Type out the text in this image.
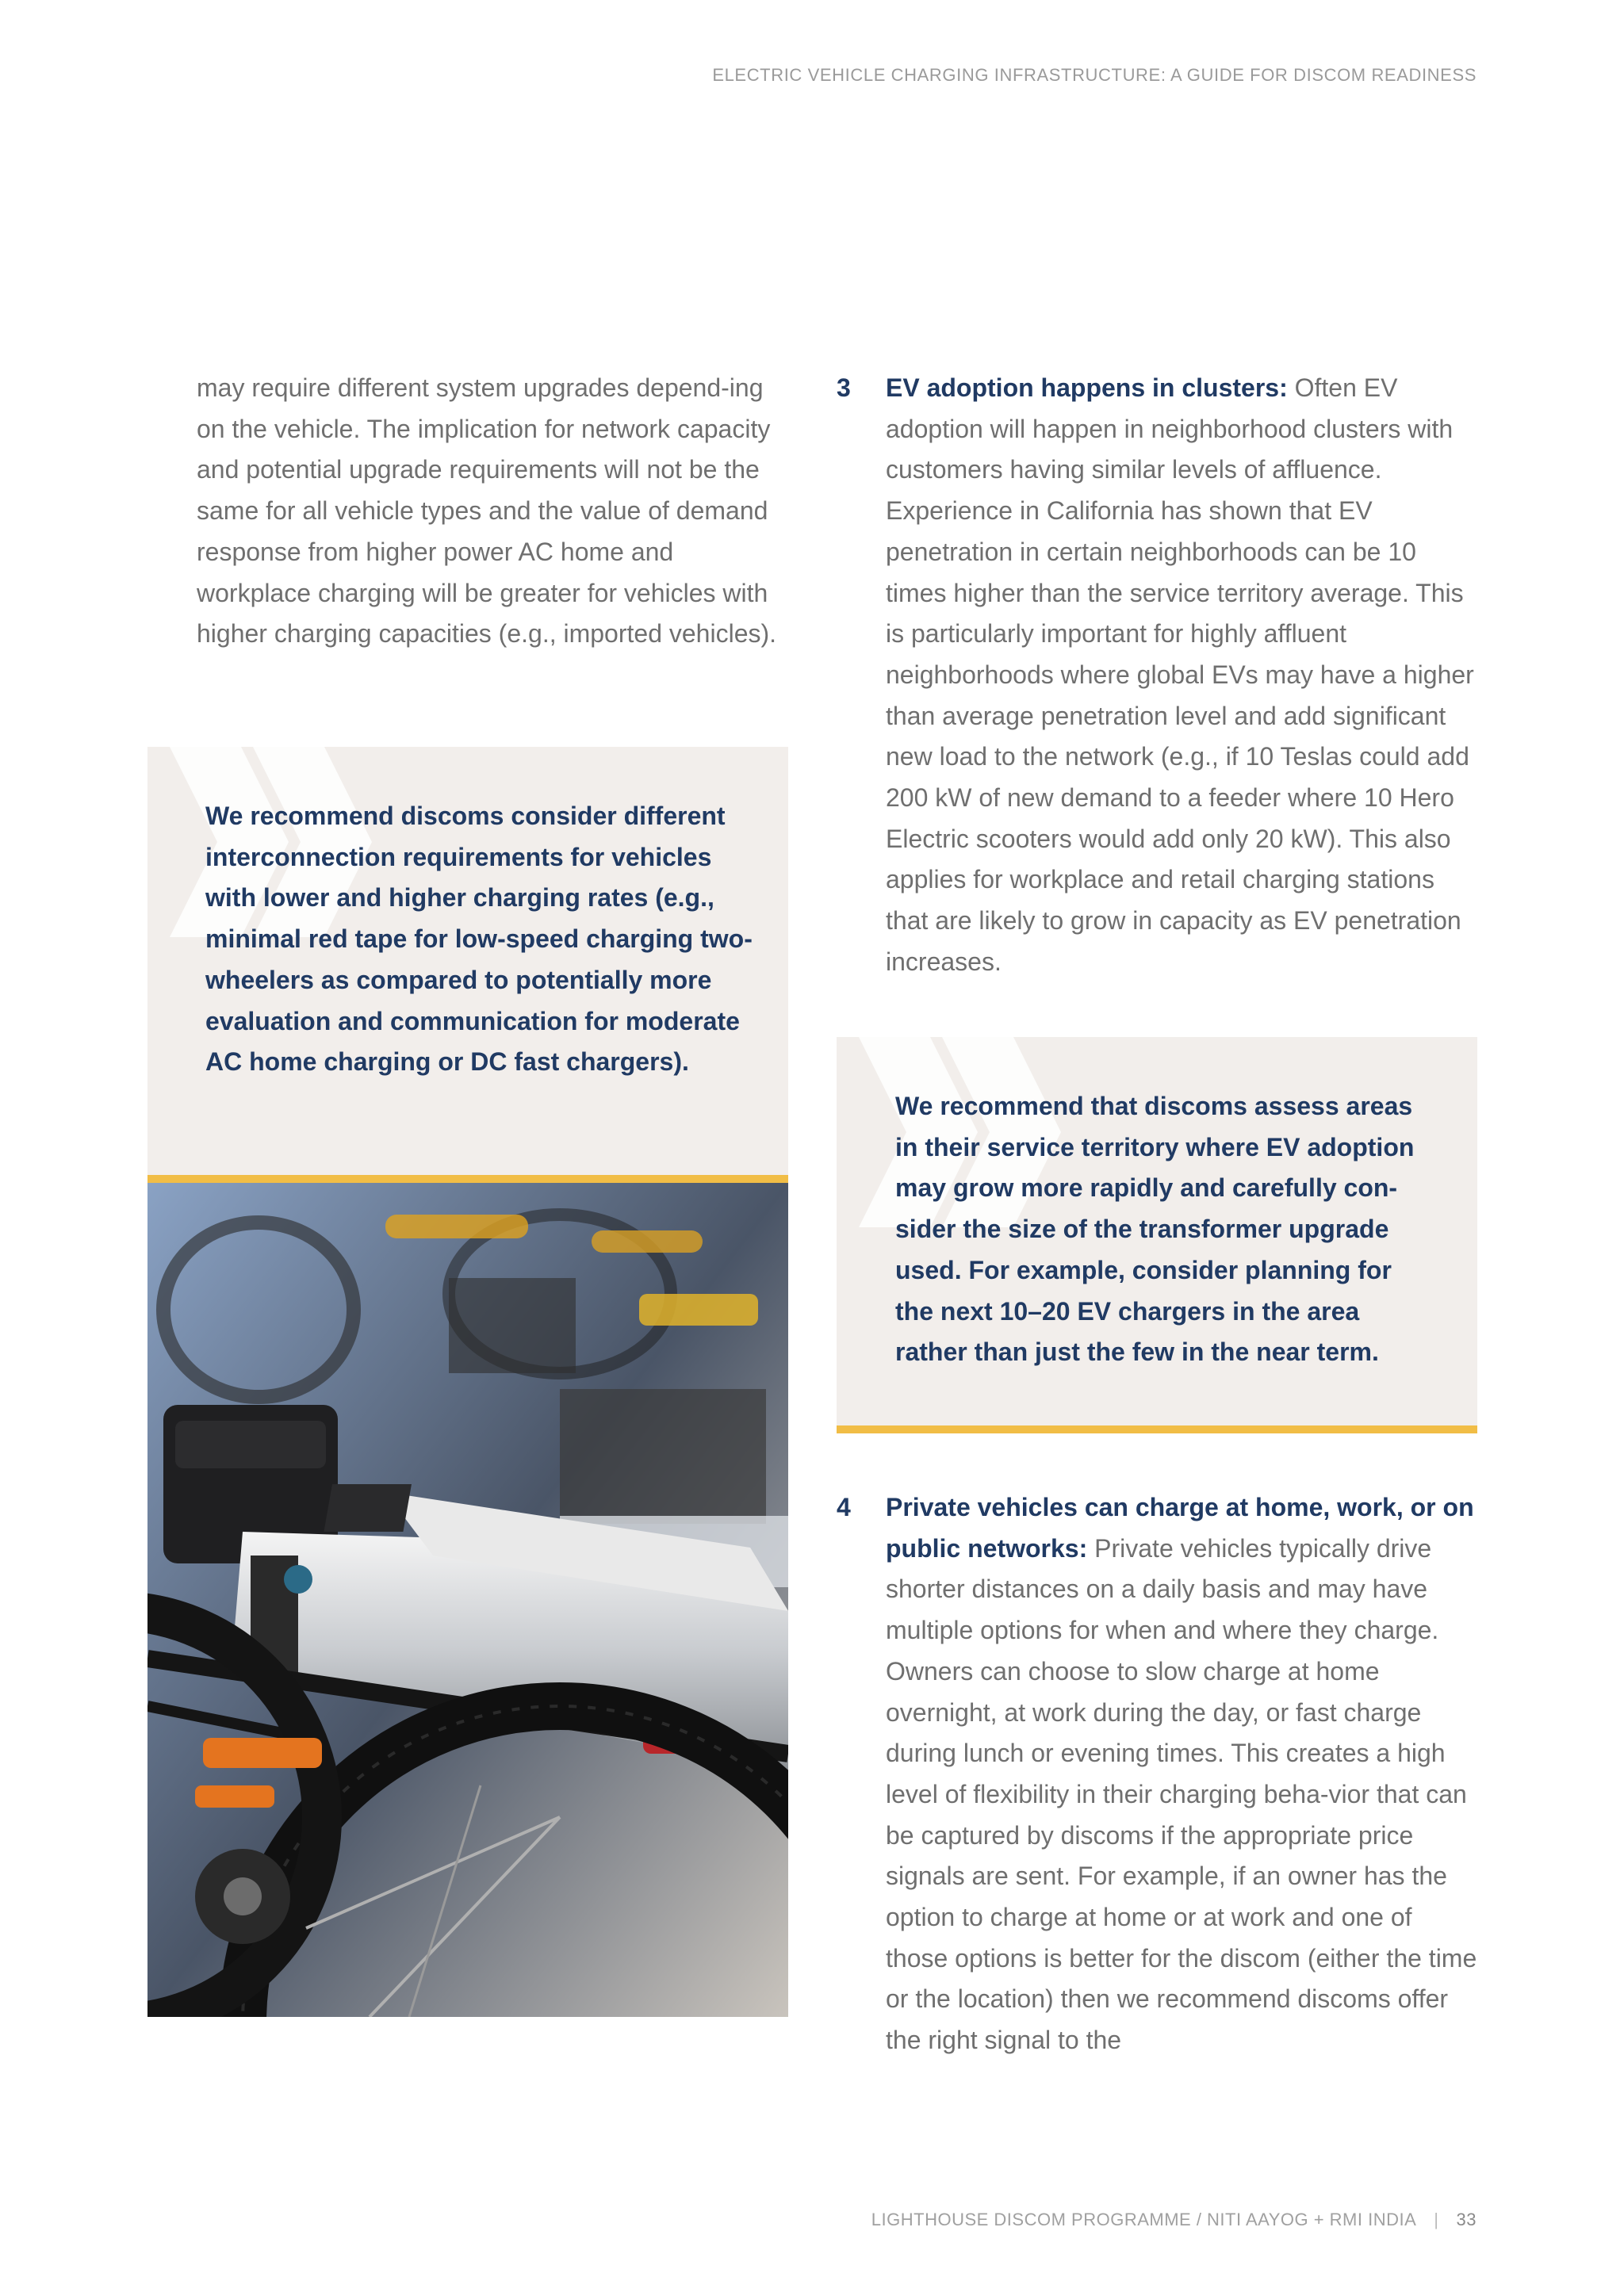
ELECTRIC VEHICLE CHARGING INFRASTRUCTURE: A GUIDE FOR DISCOM READINESS
may require different system upgrades depend-ing on the vehicle. The implication for network capacity and potential upgrade requirements will not be the same for all vehicle types and the value of demand response from higher power AC home and workplace charging will be greater for vehicles with higher charging capacities (e.g., imported vehicles).
We recommend discoms consider different interconnection requirements for vehicles with lower and higher charging rates (e.g., minimal red tape for low-speed charging two-wheelers as compared to potentially more evaluation and communication for moderate AC home charging or DC fast chargers).
3 EV adoption happens in clusters: Often EV adoption will happen in neighborhood clusters with customers having similar levels of affluence. Experience in California has shown that EV penetration in certain neighborhoods can be 10 times higher than the service territory average. This is particularly important for highly affluent neighborhoods where global EVs may have a higher than average penetration level and add significant new load to the network (e.g., if 10 Teslas could add 200 kW of new demand to a feeder where 10 Hero Electric scooters would add only 20 kW). This also applies for workplace and retail charging stations that are likely to grow in capacity as EV penetration increases.
We recommend that discoms assess areas in their service territory where EV adoption may grow more rapidly and carefully con-sider the size of the transformer upgrade used. For example, consider planning for the next 10–20 EV chargers in the area rather than just the few in the near term.
4 Private vehicles can charge at home, work, or on public networks: Private vehicles typically drive shorter distances on a daily basis and may have multiple options for when and where they charge. Owners can choose to slow charge at home overnight, at work during the day, or fast charge during lunch or evening times. This creates a high level of flexibility in their charging beha-vior that can be captured by discoms if the appropriate price signals are sent. For example, if an owner has the option to charge at home or at work and one of those options is better for the discom (either the time or the location) then we recommend discoms offer the right signal to the
LIGHTHOUSE DISCOM PROGRAMME / NITI AAYOG + RMI INDIA | 33
